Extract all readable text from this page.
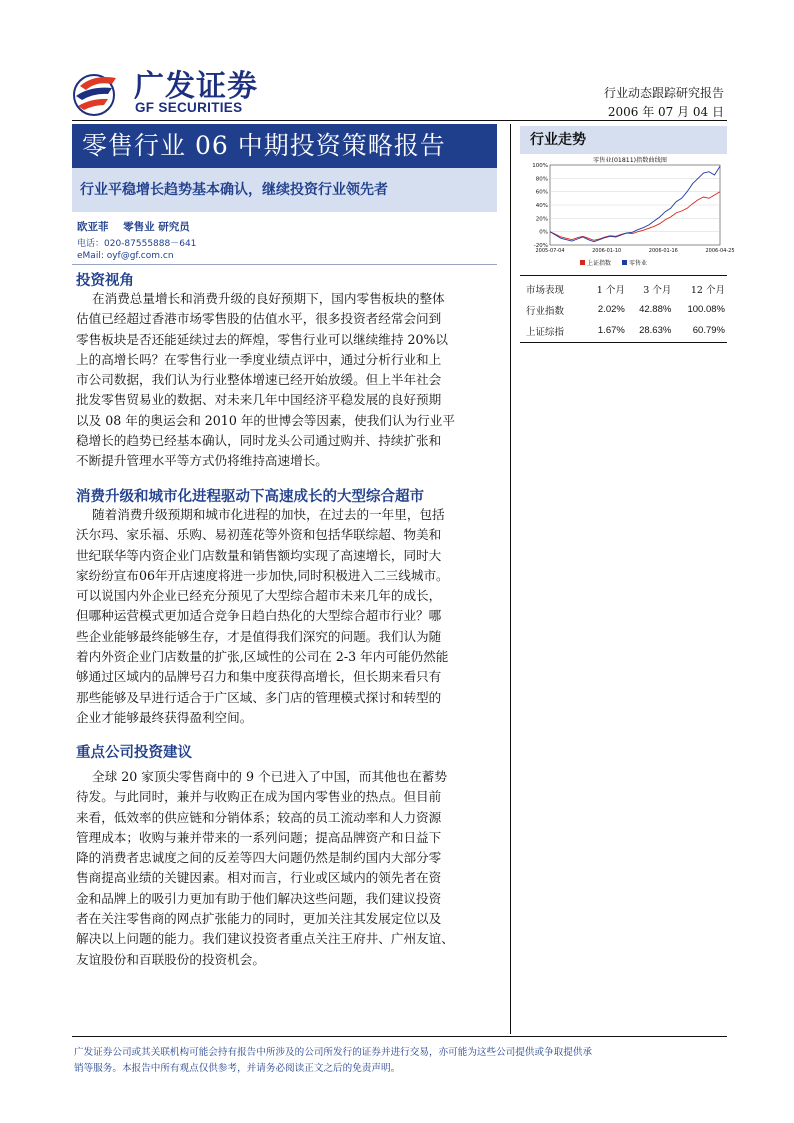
广发证劵
GF SECURITIES
行业动态跟踪研究报告
2006 年 07 月 04 日
零售行业 06 中期投资策略报告
行业平稳增长趋势基本确认，继续投资行业领先者
欧亚菲    零售业 研究员
电话：020-87555888－641
eMail: oyf@gf.com.cn
投资视角
在消费总量增长和消费升级的良好预期下，国内零售板块的整体
估值已经超过香港市场零售股的估值水平，很多投资者经常会问到
零售板块是否还能延续过去的辉煌，零售行业可以继续维持 20%以
上的高增长吗？在零售行业一季度业绩点评中，通过分析行业和上
市公司数据，我们认为行业整体增速已经开始放缓。但上半年社会
批发零售贸易业的数据、对未来几年中国经济平稳发展的良好预期
以及 08 年的奥运会和 2010 年的世博会等因素，使我们认为行业平
稳增长的趋势已经基本确认，同时龙头公司通过购并、持续扩张和
不断提升管理水平等方式仍将维持高速增长。
消费升级和城市化进程驱动下高速成长的大型综合超市
随着消费升级预期和城市化进程的加快，在过去的一年里，包括
沃尔玛、家乐福、乐购、易初莲花等外资和包括华联综超、物美和
世纪联华等内资企业门店数量和销售额均实现了高速增长，同时大
家纷纷宣布06年开店速度将进一步加快,同时积极进入二三线城市。
可以说国内外企业已经充分预见了大型综合超市未来几年的成长，
但哪种运营模式更加适合竞争日趋白热化的大型综合超市行业？哪
些企业能够最终能够生存，才是值得我们深究的问题。我们认为随
着内外资企业门店数量的扩张,区域性的公司在 2-3 年内可能仍然能
够通过区域内的品牌号召力和集中度获得高增长，但长期来看只有
那些能够及早进行适合于广区域、多门店的管理模式探讨和转型的
企业才能够最终获得盈利空间。
重点公司投资建议
全球 20 家顶尖零售商中的 9 个已进入了中国，而其他也在蓄势
待发。与此同时，兼并与收购正在成为国内零售业的热点。但目前
来看，低效率的供应链和分销体系；较高的员工流动率和人力资源
管理成本；收购与兼并带来的一系列问题；提高品牌资产和日益下
降的消费者忠诚度之间的反差等四大问题仍然是制约国内大部分零
售商提高业绩的关键因素。相对而言，行业或区域内的领先者在资
金和品牌上的吸引力更加有助于他们解决这些问题，我们建议投资
者在关注零售商的网点扩张能力的同时，更加关注其发展定位以及
解决以上问题的能力。我们建议投资者重点关注王府井、广州友谊、
友谊股份和百联股份的投资机会。
行业走势
零售业(01811)指数曲线图
100%
80%
60%
40%
20%
0%
-20%
2005-07-04	2006-01-10	2006-01-16	2006-04-25
上证指数	零售业
市场表现	1 个月	3 个月	12 个月
行业指数	2.02%	42.88%	100.08%
上证综指	1.67%	28.63%	60.79%
广发证券公司或其关联机构可能会持有报告中所涉及的公司所发行的证券并进行交易，亦可能为这些公司提供或争取提供承
销等服务。本报告中所有观点仅供参考，并请务必阅读正文之后的免责声明。
